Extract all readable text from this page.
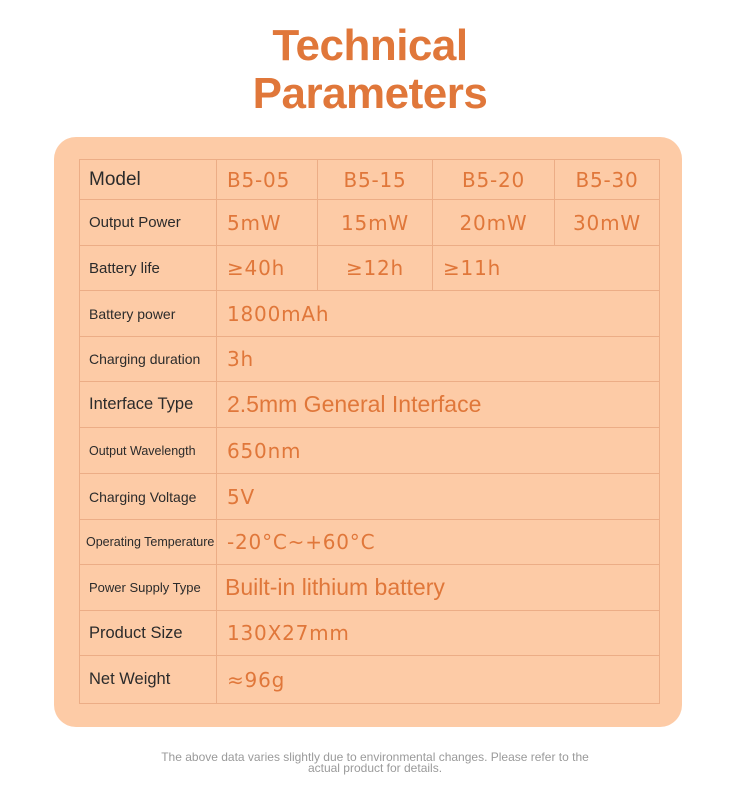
Technical
Parameters
Model	B5-05	B5-15	B5-20	B5-30
Output Power	5mW	15mW	20mW	30mW
Battery life	≥40h	≥12h	≥11h	
Battery power	1800mAh			
Charging duration	3h			
Interface Type	2.5mm General Interface			
Output Wavelength	650nm			
Charging Voltage	5V			
Operating Temperature	-20°C~+60°C			
Power Supply Type	Built-in lithium battery			
Product Size	130X27mm			
Net Weight	≈96g			
The above data varies slightly due to environmental changes. Please refer to the
actual product for details.
